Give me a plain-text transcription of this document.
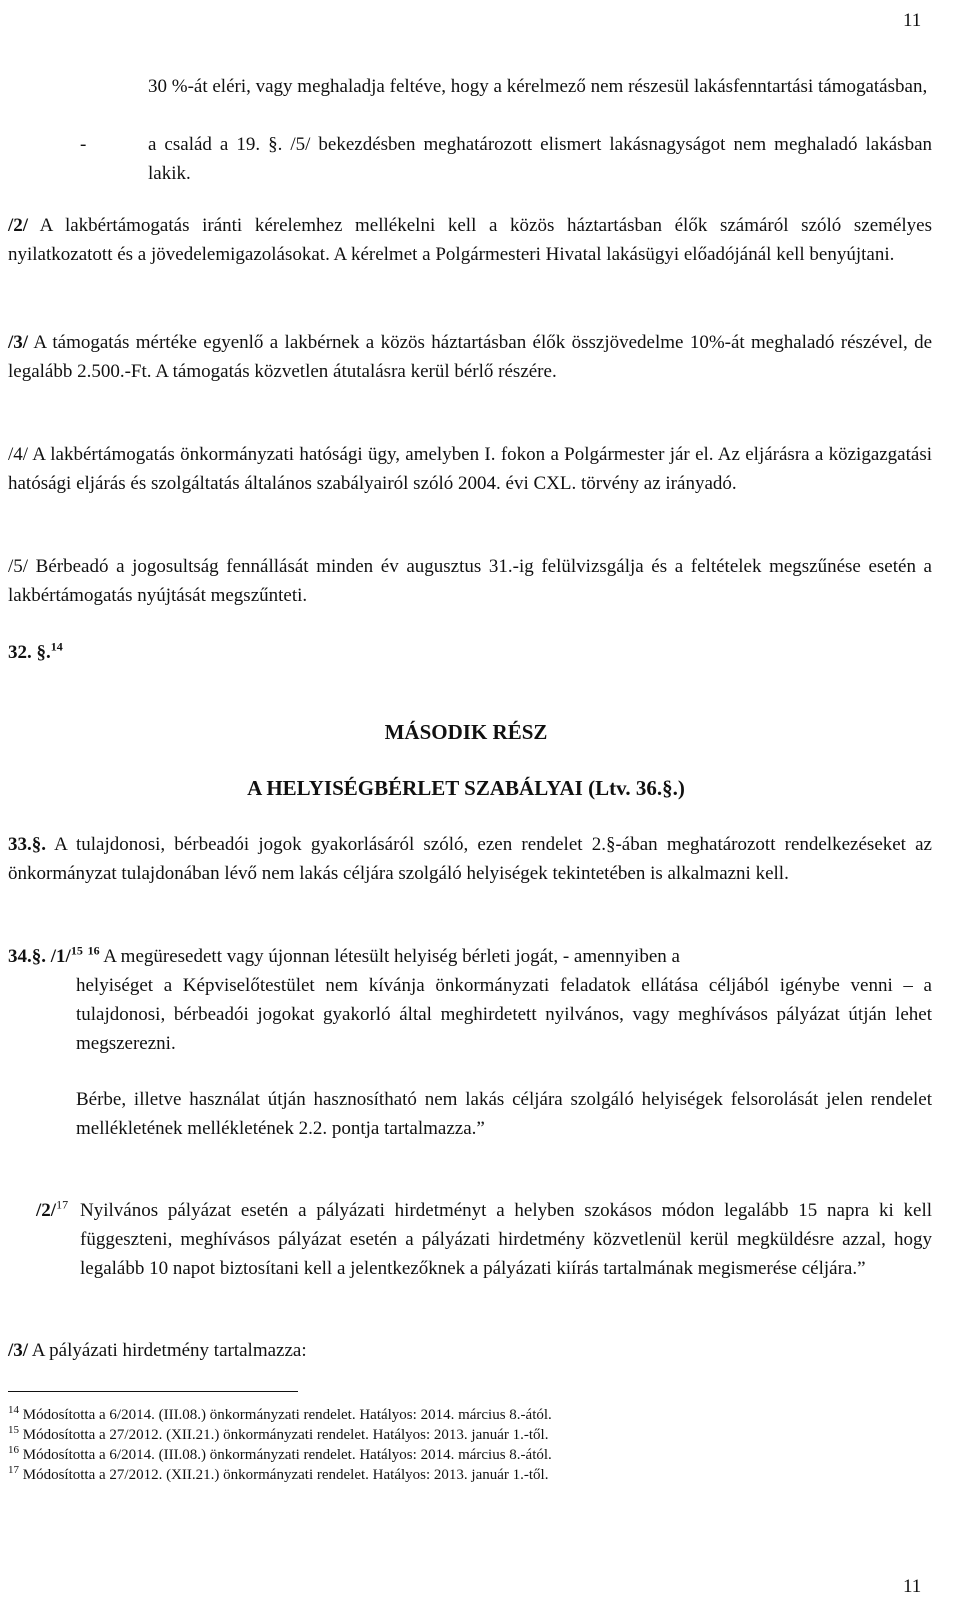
11
30 %-át eléri, vagy meghaladja feltéve, hogy a kérelmező nem részesül lakásfenntartási támogatásban,
-	a család a 19. §. /5/ bekezdésben meghatározott elismert lakásnagyságot nem meghaladó lakásban lakik.
/2/ A lakbértámogatás iránti kérelemhez mellékelni kell a közös háztartásban élők számáról szóló személyes nyilatkozatott és a jövedelemigazolásokat. A kérelmet a Polgármesteri Hivatal lakásügyi előadójánál kell benyújtani.
/3/ A támogatás mértéke egyenlő a lakbérnek a közös háztartásban élők összjövedelme 10%-át meghaladó részével, de legalább 2.500.-Ft. A támogatás közvetlen átutalásra kerül bérlő részére.
/4/ A lakbértámogatás önkormányzati hatósági ügy, amelyben I. fokon a Polgármester jár el. Az eljárásra a közigazgatási hatósági eljárás és szolgáltatás általános szabályairól szóló 2004. évi CXL. törvény az irányadó.
/5/ Bérbeadó a jogosultság fennállását minden év augusztus 31.-ig felülvizsgálja és a feltételek megszűnése esetén a lakbértámogatás nyújtását megszűnteti.
32. §.$^{14}$
MÁSODIK RÉSZ
A HELYISÉGBÉRLET SZABÁLYAI (Ltv. 36.§.)
33.§. A tulajdonosi, bérbeadói jogok gyakorlásáról szóló, ezen rendelet 2.§-ában meghatározott rendelkezéseket az önkormányzat tulajdonában lévő nem lakás céljára szolgáló helyiségek tekintetében is alkalmazni kell.
34.§. /1/$^{15}$ $^{16}$ A megüresedett vagy újonnan létesült helyiség bérleti jogát, - amennyiben a
helyiséget a Képviselőtestület nem kívánja önkormányzati feladatok ellátása céljából igénybe venni – a tulajdonosi, bérbeadói jogokat gyakorló által meghirdetett nyilvános, vagy meghívásos pályázat útján lehet megszerezni.
Bérbe, illetve használat útján hasznosítható nem lakás céljára szolgáló helyiségek felsorolását jelen rendelet mellékletének mellékletének 2.2. pontja tartalmazza.”
/2/$^{17}$ Nyilvános pályázat esetén a pályázati hirdetményt a helyben szokásos módon legalább 15 napra ki kell függeszteni, meghívásos pályázat esetén a pályázati hirdetmény közvetlenül kerül megküldésre azzal, hogy legalább 10 napot biztosítani kell a jelentkezőknek a pályázati kiírás tartalmának megismerése céljára.”
/3/ A pályázati hirdetmény tartalmazza:
$^{14}$ Módosította a 6/2014. (III.08.) önkormányzati rendelet. Hatályos: 2014. március 8.-ától.
$^{15}$ Módosította a 27/2012. (XII.21.) önkormányzati rendelet. Hatályos: 2013. január 1.-től.
$^{16}$ Módosította a 6/2014. (III.08.) önkormányzati rendelet. Hatályos: 2014. március 8.-ától.
$^{17}$ Módosította a 27/2012. (XII.21.) önkormányzati rendelet. Hatályos: 2013. január 1.-től.
11
